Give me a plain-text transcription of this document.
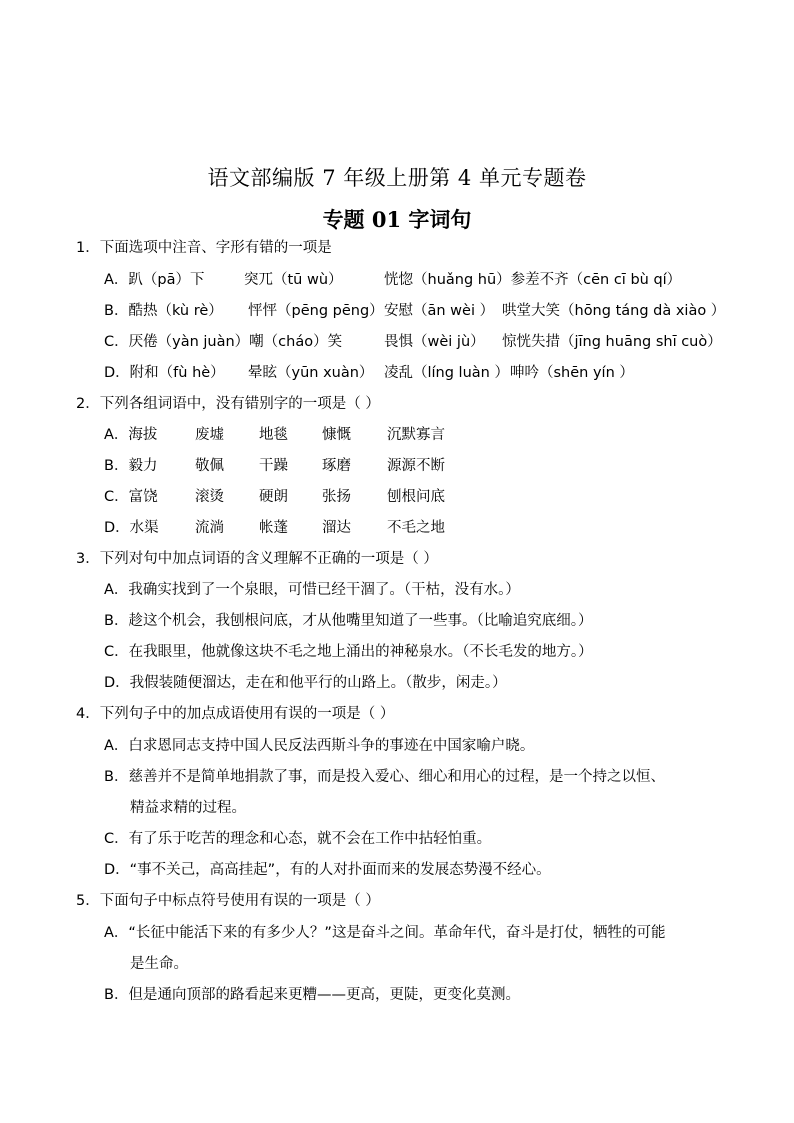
语文部编版 7 年级上册第 4 单元专题卷
专题 01 字词句
1．下面选项中注音、字形有错的一项是
A．趴（pā）下	突兀（tū wù）	恍惚（huǎng hū）参差不齐（cēn cī bù qí）
B．酷热（kù rè） 怦怦（pēng pēng） 安慰（ān wèi ） 哄堂大笑（hōng táng dà xiào ）
C．厌倦（yàn juàn）嘲（cháo）笑	畏惧（wèi jù） 惊恍失措（jīng huāng shī cuò）
D．附和（fù hè） 晕眩（yūn xuàn） 凌乱（líng luàn ） 呻吟（shēn yín ）
2．下列各组词语中，没有错别字的一项是（ ）
A．海拔	废墟 地毯 慷慨 沉默寡言
B．毅力	敬佩 干躁 琢磨 源源不断
C．富饶	滚烫 硬朗 张扬 刨根问底
D．水渠	流淌 帐蓬 溜达 不毛之地
3．下列对句中加点词语的含义理解不正确的一项是（ ）
A．我确实找到了一个泉眼，可惜已经干涸了。（干枯，没有水。）
B．趁这个机会，我刨根问底，才从他嘴里知道了一些事。（比喻追究底细。）
C．在我眼里，他就像这块不毛之地上涌出的神秘泉水。（不长毛发的地方。）
D．我假装随便溜达，走在和他平行的山路上。（散步，闲走。）
4．下列句子中的加点成语使用有误的一项是（ ）
A．白求恩同志支持中国人民反法西斯斗争的事迹在中国家喻户晓。
B．慈善并不是简单地捐款了事，而是投入爱心、细心和用心的过程，是一个持之以恒、
精益求精的过程。
C．有了乐于吃苦的理念和心态，就不会在工作中拈轻怕重。
D．“事不关己，高高挂起”，有的人对扑面而来的发展态势漫不经心。
5．下面句子中标点符号使用有误的一项是（ ）
A．“长征中能活下来的有多少人？”这是奋斗之间。革命年代，奋斗是打仗，牺牲的可能
是生命。
B．但是通向顶部的路看起来更糟——更高，更陡，更变化莫测。
